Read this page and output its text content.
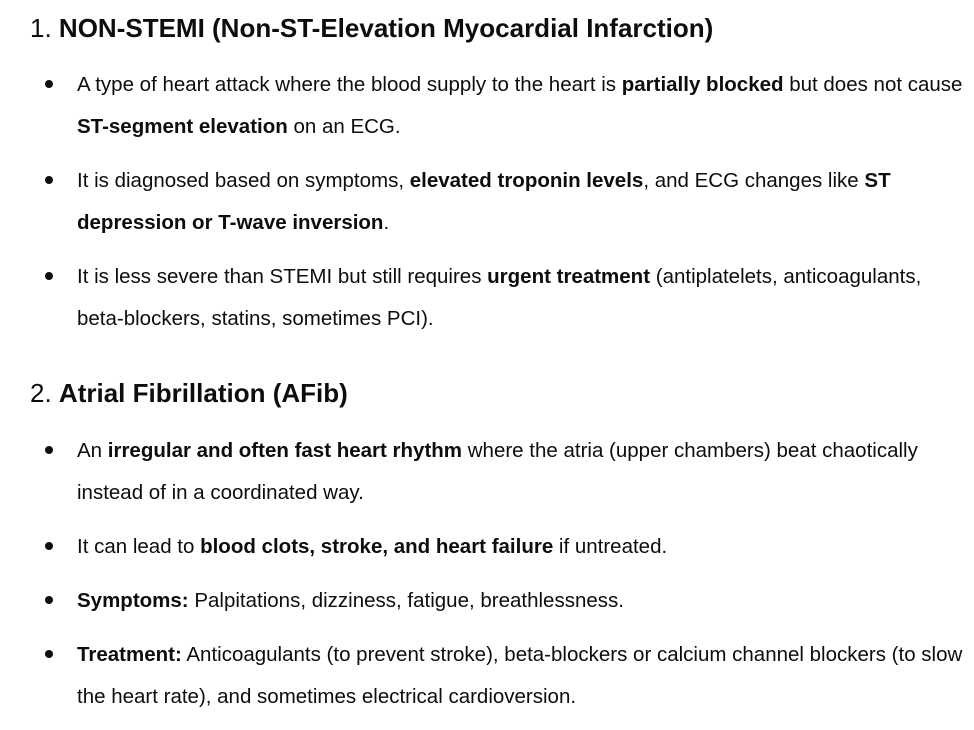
1. NON-STEMI (Non-ST-Elevation Myocardial Infarction)
A type of heart attack where the blood supply to the heart is partially blocked but does not cause ST-segment elevation on an ECG.
It is diagnosed based on symptoms, elevated troponin levels, and ECG changes like ST depression or T-wave inversion.
It is less severe than STEMI but still requires urgent treatment (antiplatelets, anticoagulants, beta-blockers, statins, sometimes PCI).
2. Atrial Fibrillation (AFib)
An irregular and often fast heart rhythm where the atria (upper chambers) beat chaotically instead of in a coordinated way.
It can lead to blood clots, stroke, and heart failure if untreated.
Symptoms: Palpitations, dizziness, fatigue, breathlessness.
Treatment: Anticoagulants (to prevent stroke), beta-blockers or calcium channel blockers (to slow the heart rate), and sometimes electrical cardioversion.
